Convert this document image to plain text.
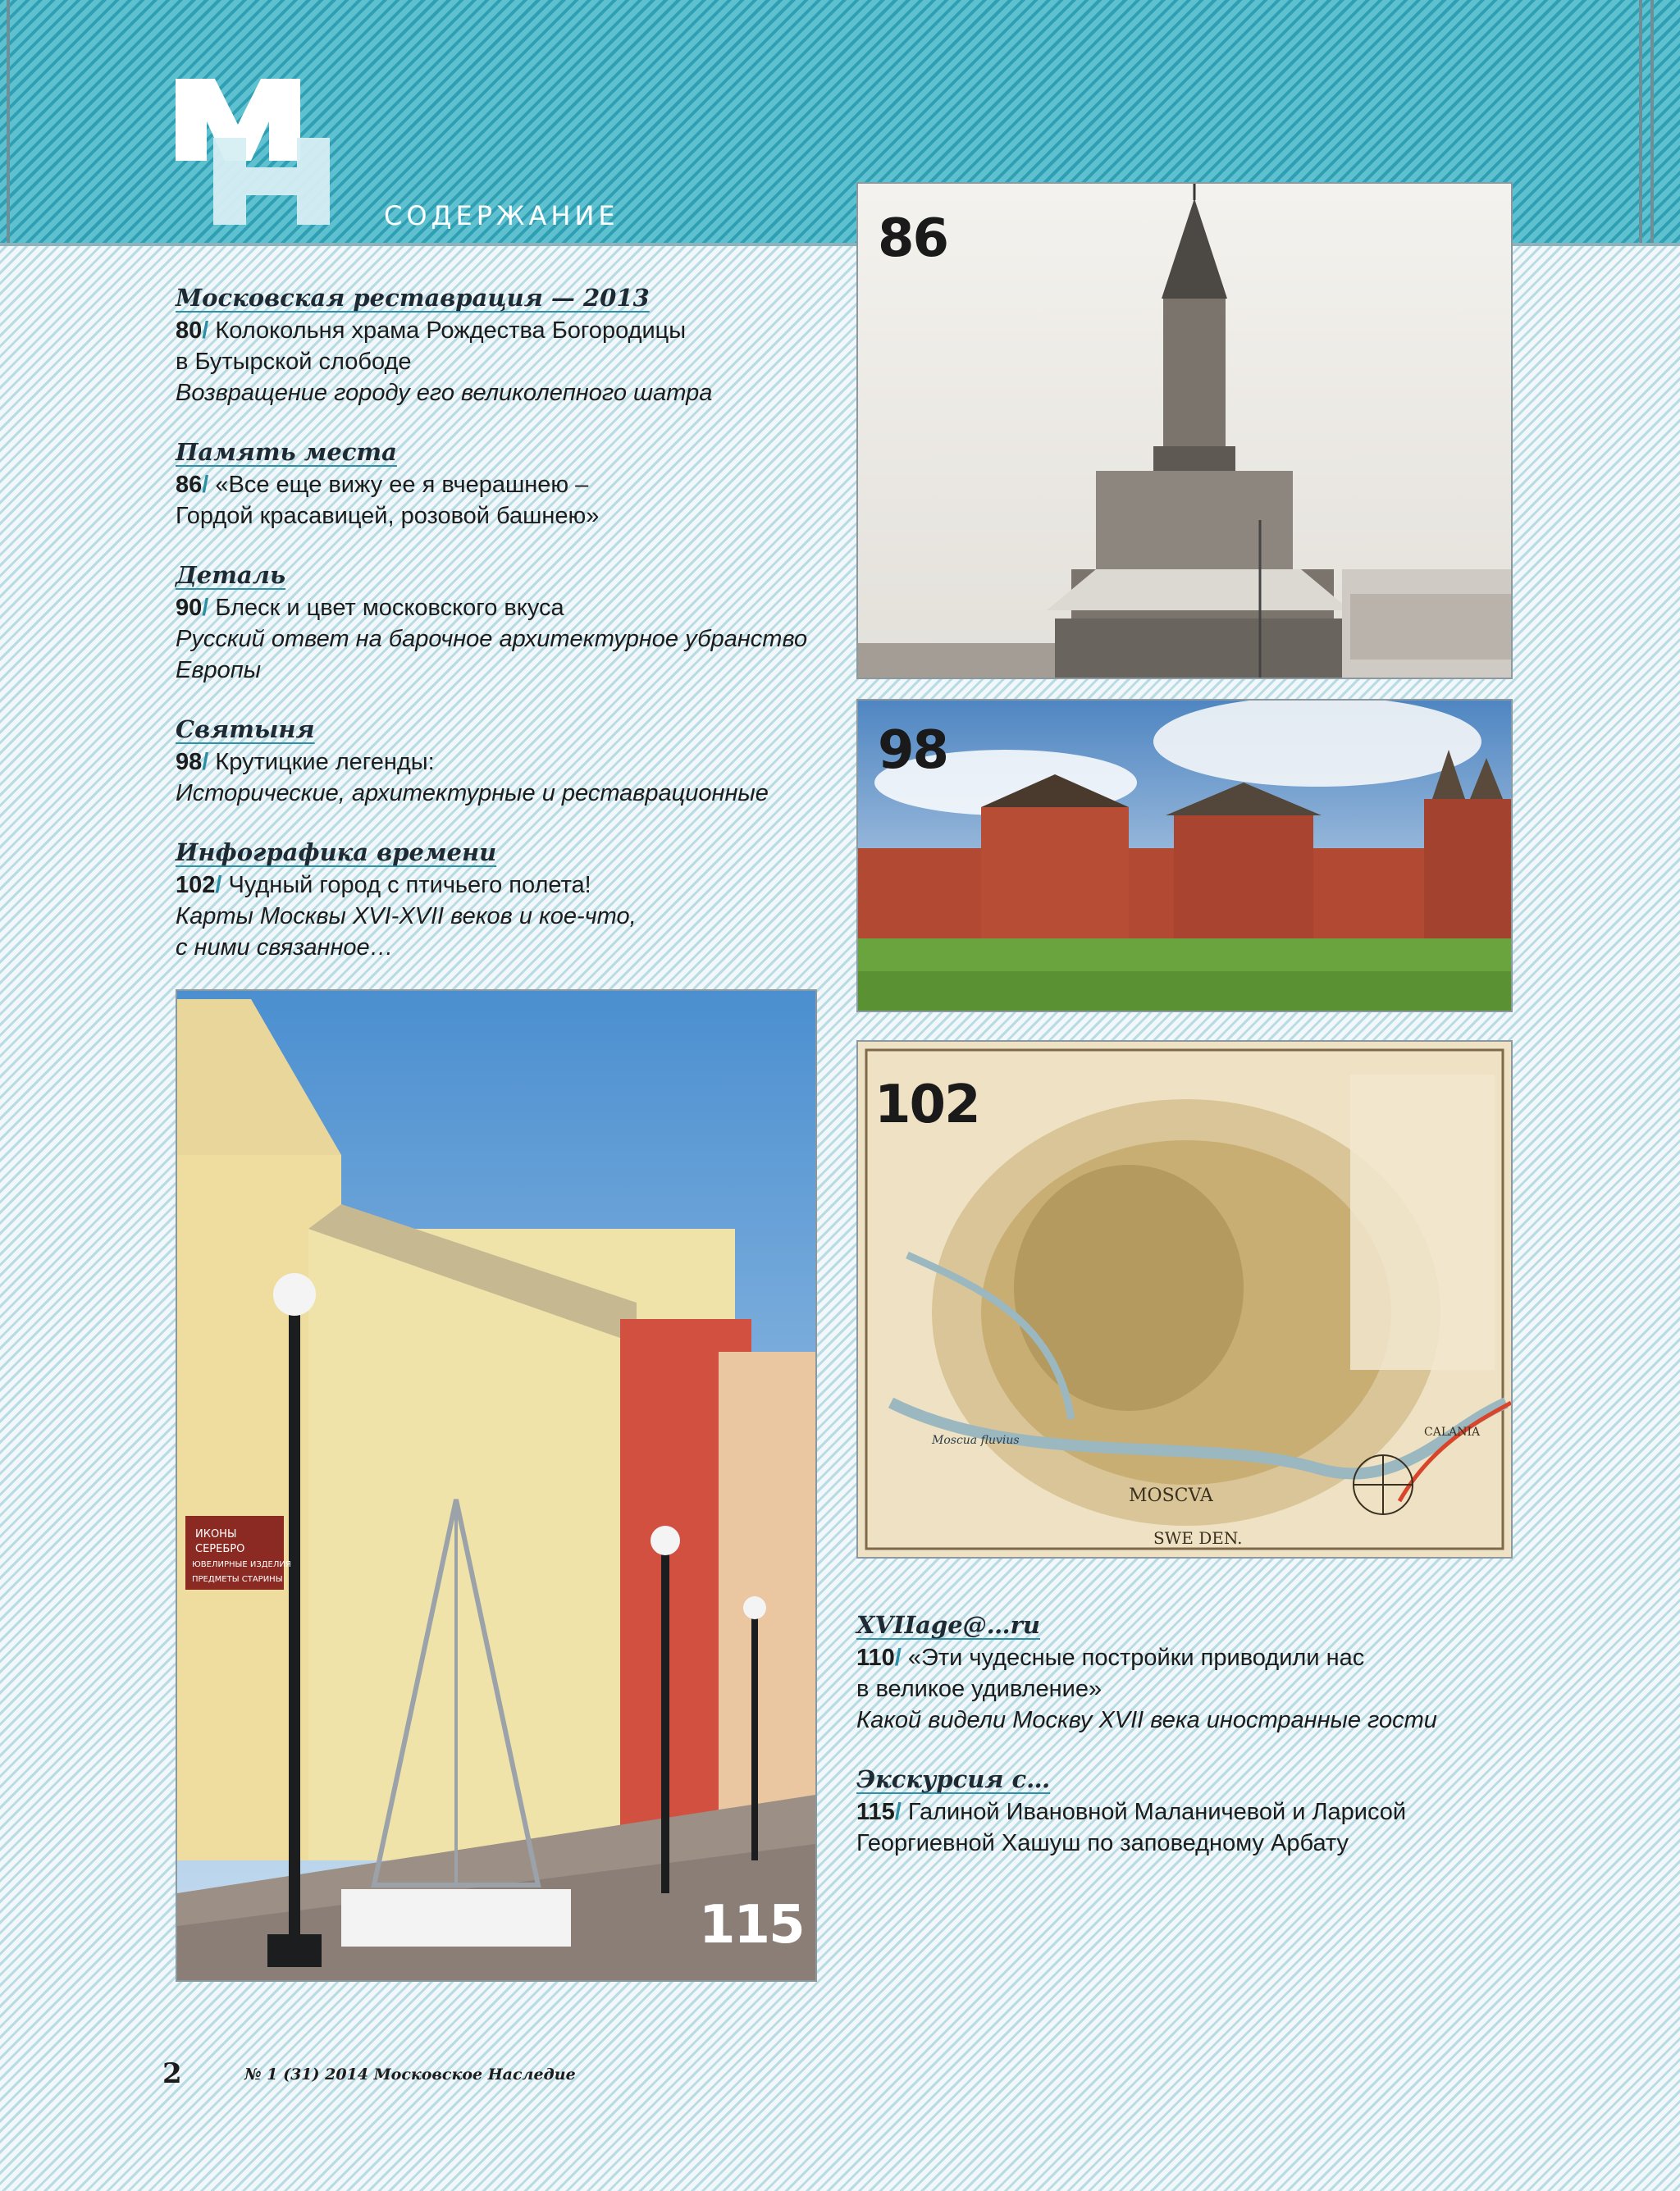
СОДЕРЖАНИЕ
Московская реставрация — 2013
80/ Колокольня храма Рождества Богородицы
в Бутырской слободе
Возвращение городу его великолепного шатра
Память места
86/ «Все еще вижу ее я вчерашнею –
Гордой красавицей, розовой башнею»
Деталь
90/ Блеск и цвет московского вкуса
Русский ответ на барочное архитектурное убранство
Европы
Святыня
98/ Крутицкие легенды:
Исторические, архитектурные и реставрационные
Инфографика времени
102/ Чудный город с птичьего полета!
Карты Москвы XVI-XVII веков и кое-что,
с ними связанное…
XVIIage@…ru
110/ «Эти чудесные постройки приводили нас
в великое удивление»
Какой видели Москву XVII века иностранные гости
Экскурсия с…
115/ Галиной Ивановной Маланичевой и Ларисой
Георгиевной Хашуш по заповедному Арбату
86
98
MOSCVA
Moscua fluvius
CALANIA
SWE DEN.
102
ИКОНЫ
СЕРЕБРО
ЮВЕЛИРНЫЕ ИЗДЕЛИЯ
ПРЕДМЕТЫ СТАРИНЫ
115
2	№ 1 (31) 2014 Московское Наследие
